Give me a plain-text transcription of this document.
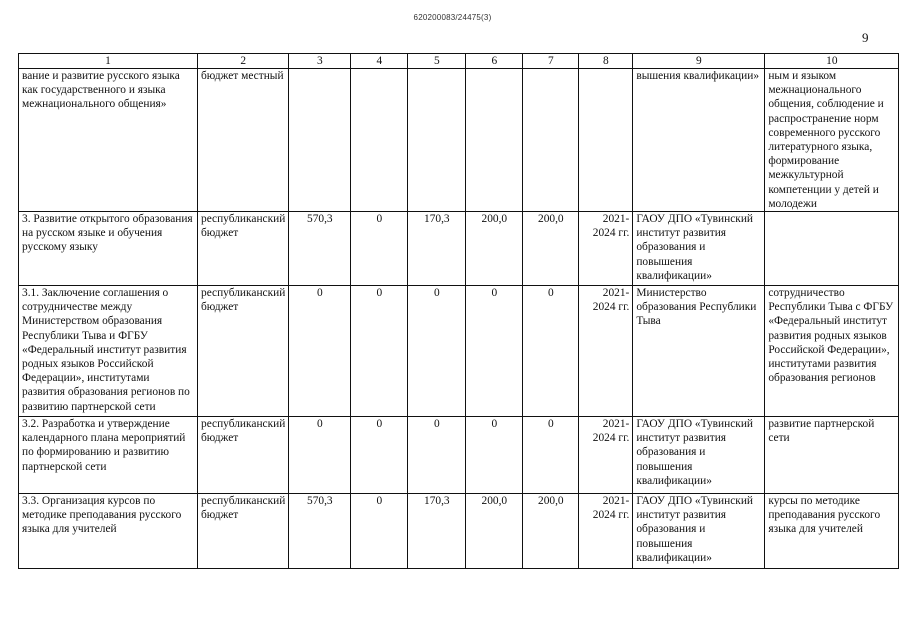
620200083/24475(3)
9
1	2	3	4	5	6	7	8	9	10
вание и развитие русского языка как государственного и языка межнационального общения»	бюджет местный							вышения квалификации»	ным и языком межнационального общения, соблюдение и распространение норм современного русского литературного языка, формирование межкультурной компетенции у детей и молодежи
3. Развитие открытого образования на русском языке и обучения русскому языку	республиканский бюджет	570,3	0	170,3	200,0	200,0	2021-2024 гг.	ГАОУ ДПО «Тувинский институт развития образования и повышения квалификации»	
3.1. Заключение соглашения о сотрудничестве между Министерством образования Республики Тыва и ФГБУ «Федеральный институт развития родных языков Российской Федерации», институтами развития образования регионов по развитию партнерской сети	республиканский бюджет	0	0	0	0	0	2021-2024 гг.	Министерство образования Республики Тыва	сотрудничество Республики Тыва с ФГБУ «Федеральный институт развития родных языков Российской Федерации», институтами развития образования регионов
3.2. Разработка и утверждение календарного плана мероприятий по формированию и развитию партнерской сети	республиканский бюджет	0	0	0	0	0	2021-2024 гг.	ГАОУ ДПО «Тувинский институт развития образования и повышения квалификации»	развитие партнерской сети
3.3. Организация курсов по методике преподавания русского языка для учителей	республиканский бюджет	570,3	0	170,3	200,0	200,0	2021-2024 гг.	ГАОУ ДПО «Тувинский институт развития образования и повышения квалификации»	курсы по методике преподавания русского языка для учителей
